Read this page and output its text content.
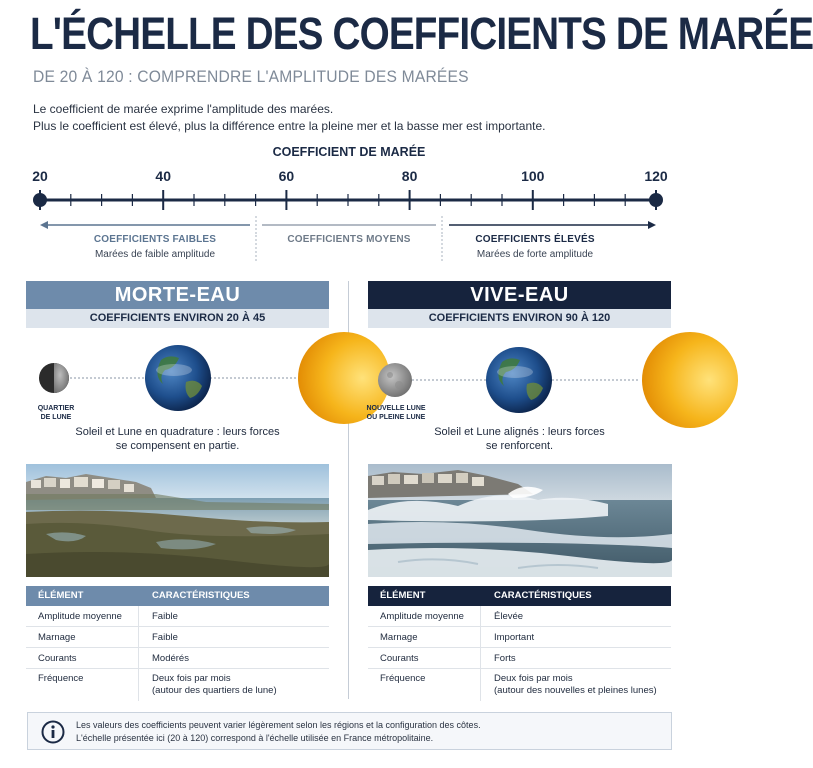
L'ÉCHELLE DES COEFFICIENTS DE MARÉE
DE 20 À 120 : COMPRENDRE L'AMPLITUDE DES MARÉES
Le coefficient de marée exprime l'amplitude des marées.
Plus le coefficient est élevé, plus la différence entre la pleine mer et la basse mer est importante.
COEFFICIENT DE MARÉE
20	40	60	80	100	120
COEFFICIENTS FAIBLES
Marées de faible amplitude
COEFFICIENTS MOYENS	COEFFICIENTS ÉLEVÉS
Marées de forte amplitude
MORTE-EAU
COEFFICIENTS ENVIRON 20 À 45
QUARTIER
DE LUNE
Soleil et Lune en quadrature : leurs forces
se compensent en partie.
ÉLÉMENT	CARACTÉRISTIQUES
Amplitude moyenne	Faible
Marnage	Faible
Courants	Modérés
Fréquence	Deux fois par mois
(autour des quartiers de lune)
VIVE-EAU
COEFFICIENTS ENVIRON 90 À 120
NOUVELLE LUNE
OU PLEINE LUNE
Soleil et Lune alignés : leurs forces
se renforcent.
ÉLÉMENT	CARACTÉRISTIQUES
Amplitude moyenne	Élevée
Marnage	Important
Courants	Forts
Fréquence	Deux fois par mois
(autour des nouvelles et pleines lunes)
Les valeurs des coefficients peuvent varier légèrement selon les régions et la configuration des côtes.
L'échelle présentée ici (20 à 120) correspond à l'échelle utilisée en France métropolitaine.
